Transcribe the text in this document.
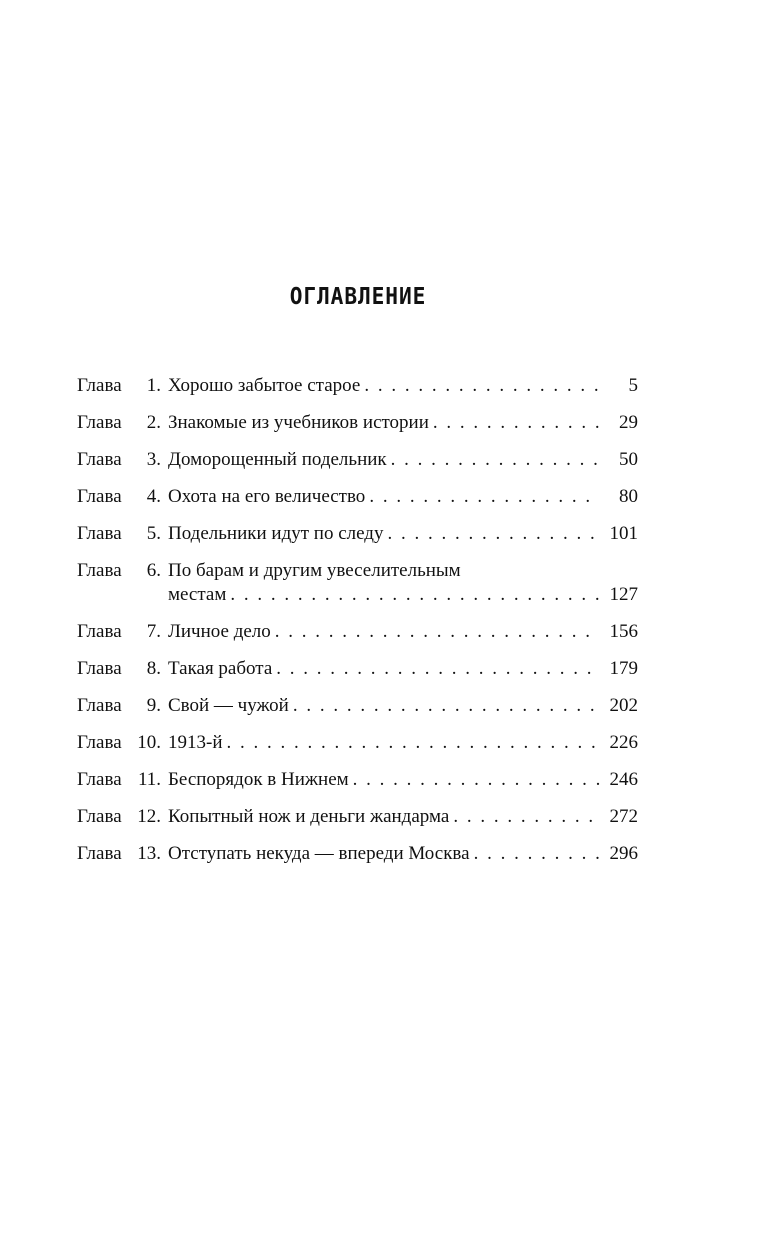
ОГЛАВЛЕНИЕ
Глава	1. Хорошо забытое старое . . .	5
Глава	2. Знакомые из учебников истории . . .	29
Глава	3. Доморощенный подельник . . .	50
Глава	4. Охота на его величество . . .	80
Глава	5. Подельники идут по следу . . .	101
Глава	6. По барам и другим увеселительным
местам . . .	127
Глава	7. Личное дело . . .	156
Глава	8. Такая работа . . .	179
Глава	9. Свой — чужой . . .	202
Глава 10. 1913-й . . .	226
Глава 11. Беспорядок в Нижнем . . .	246
Глава 12. Копытный нож и деньги жандарма . . .	272
Глава 13. Отступать некуда — впереди Москва . . .	296
